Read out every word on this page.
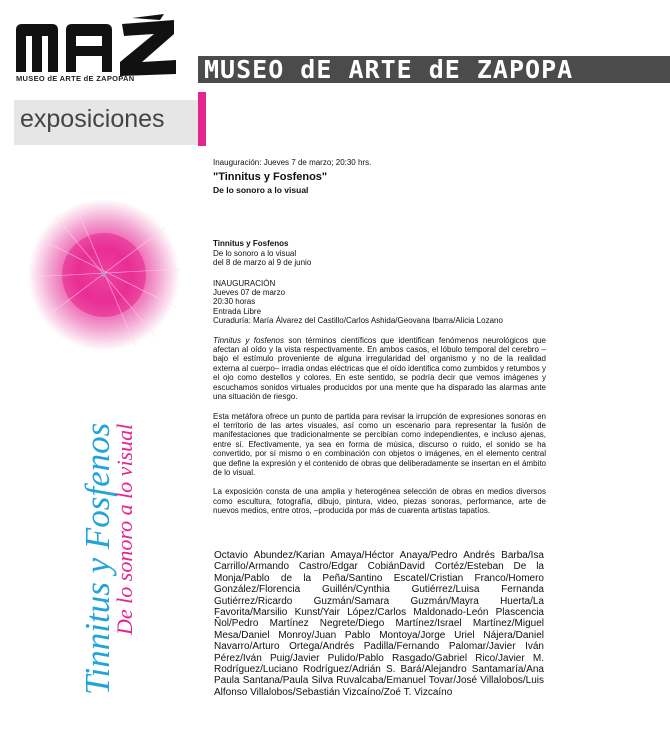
MUSEO dE ARTE dE ZAPOPAN	MUSEO dE ARTE dE ZAPOPA
exposiciones
Tinnitus y Fosfenos
De lo sonoro a lo visual

Inauguración: Jueves 7 de marzo; 20:30 hrs.

"Tinnitus y Fosfenos"

De lo sonoro a lo visual

Tinnitus y Fosfenos

De lo sonoro a lo visual

del 8 de marzo al 9 de junio

INAUGURACIÓN

Jueves 07 de marzo

20:30 horas

Entrada Libre

Curaduría: María Álvarez del Castillo/Carlos Ashida/Geovana Ibarra/Alicia Lozano

Tinnitus y fosfenos son términos científicos que identifican fenómenos neurológicos que afectan al oído y la vista respectivamente. En ambos casos, el lóbulo temporal del cerebro –bajo el estímulo proveniente de alguna irregularidad del organismo y no de la realidad externa al cuerpo– irradia ondas eléctricas que el oído identifica como zumbidos y retumbos y el ojo como destellos y colores. En este sentido, se podría decir que vemos imágenes y escuchamos sonidos virtuales producidos por una mente que ha disparado las alarmas ante una situación de riesgo.

Esta metáfora ofrece un punto de partida para revisar la irrupción de expresiones sonoras en el territorio de las artes visuales, así como un escenario para representar la fusión de manifestaciones que tradicionalmente se percibían como independientes, e incluso ajenas, entre sí. Efectivamente, ya sea en forma de música, discurso o ruido, el sonido se ha convertido, por sí mismo o en combinación con objetos o imágenes, en el elemento central que define la expresión y el contenido de obras que deliberadamente se insertan en el ámbito de lo visual.

La exposición consta de una amplia y heterogénea selección de obras en medios diversos como escultura, fotografía, dibujo, pintura, video, piezas sonoras, performance, arte de nuevos medios, entre otros, –producida por más de cuarenta artistas tapatíos.

Octavio Abundez/Karian Amaya/Héctor Anaya/Pedro Andrés Barba/Isa Carrillo/Armando Castro/Edgar CobiánDavid Cortéz/Esteban De la Monja/Pablo de la Peña/Santino Escatel/Cristian Franco/Homero González/Florencia Guillén/Cynthia Gutiérrez/Luisa Fernanda Gutiérrez/Ricardo Guzmán/Samara Guzmán/Mayra Huerta/La Favorita/Marsilio Kunst/Yair López/Carlos Maldonado-León Plascencia Ñol/Pedro Martínez Negrete/Diego Martínez/Israel Martínez/Miguel Mesa/Daniel Monroy/Juan Pablo Montoya/Jorge Uriel Nájera/Daniel Navarro/Arturo Ortega/Andrés Padilla/Fernando Palomar/Javier Iván Pérez/Iván Puig/Javier Pulido/Pablo Rasgado/Gabriel Rico/Javier M. Rodríguez/Luciano Rodríguez/Adrián S. Bará/Alejandro Santamaría/Ana Paula Santana/Paula Silva Ruvalcaba/Emanuel Tovar/José Villalobos/Luis Alfonso Villalobos/Sebastián Vizcaíno/Zoé T. Vizcaíno
